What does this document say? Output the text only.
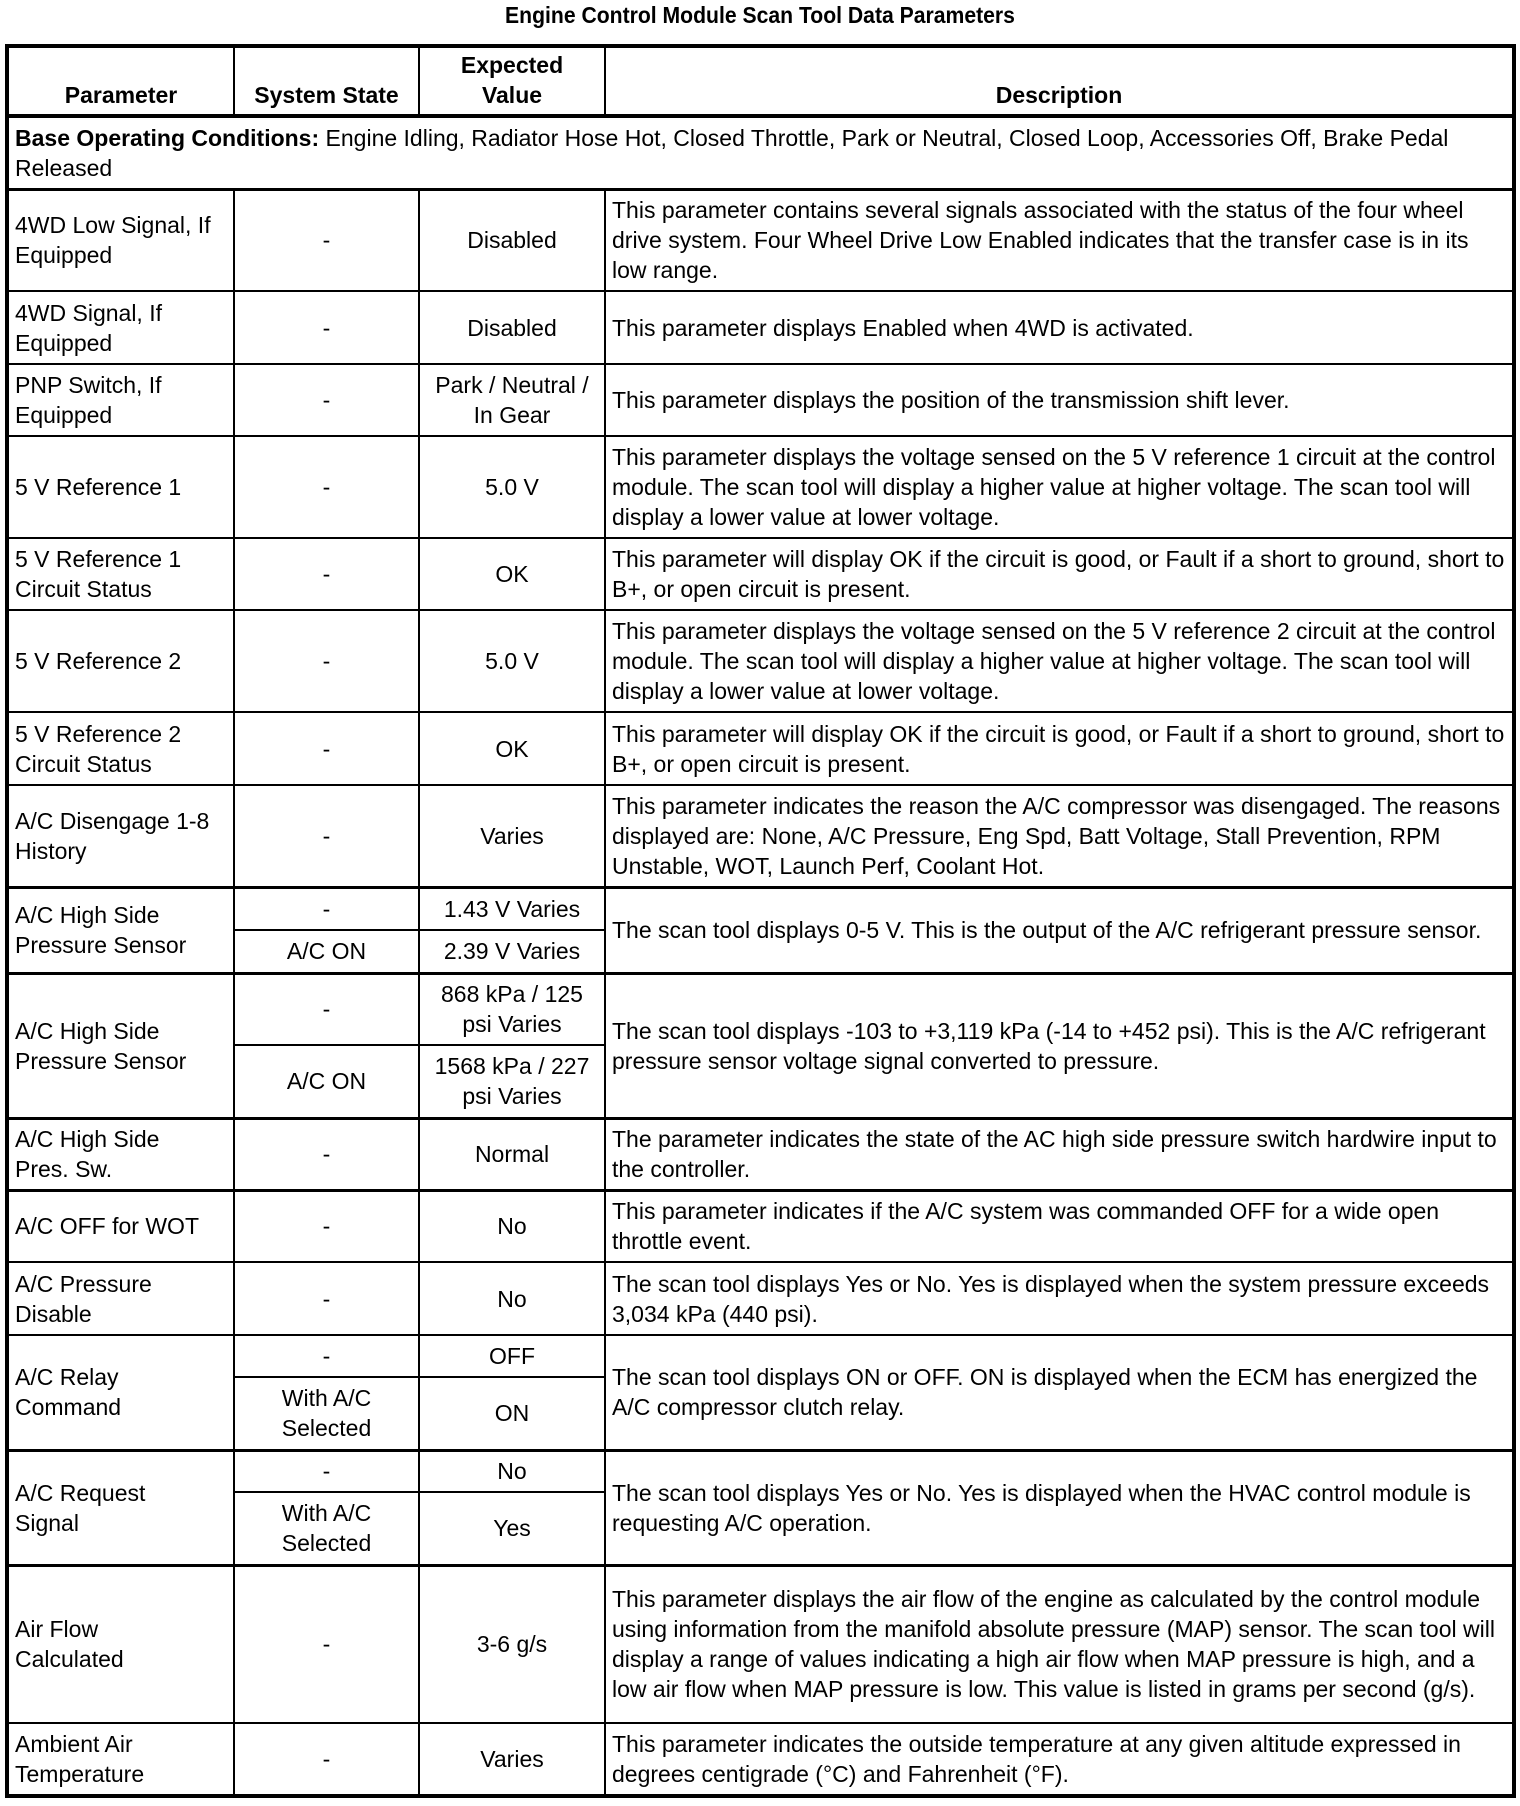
Engine Control Module Scan Tool Data Parameters
Parameter	System State	Expected Value	Description
Base Operating Conditions: Engine Idling, Radiator Hose Hot, Closed Throttle, Park or Neutral, Closed Loop, Accessories Off, Brake Pedal Released			
4WD Low Signal, If Equipped	-	Disabled	This parameter contains several signals associated with the status of the four wheel drive system. Four Wheel Drive Low Enabled indicates that the transfer case is in its low range.

4WD Signal, If Equipped	-	Disabled	This parameter displays Enabled when 4WD is activated.

PNP Switch, If Equipped	-	Park / Neutral / In Gear	This parameter displays the position of the transmission shift lever.
5 V Reference 1	-	5.0 V	This parameter displays the voltage sensed on the 5 V reference 1 circuit at the control module. The scan tool will display a higher value at higher voltage. The scan tool will display a lower value at lower voltage.

5 V Reference 1 Circuit Status	-	OK	This parameter will display OK if the circuit is good, or Fault if a short to ground, short to B+, or open circuit is present.
5 V Reference 2	-	5.0 V	This parameter displays the voltage sensed on the 5 V reference 2 circuit at the control module. The scan tool will display a higher value at higher voltage. The scan tool will display a lower value at lower voltage.

5 V Reference 2 Circuit Status	-	OK	This parameter will display OK if the circuit is good, or Fault if a short to ground, short to B+, or open circuit is present.
A/C Disengage 1-8 History	-	Varies	This parameter indicates the reason the A/C compressor was disengaged. The reasons displayed are: None, A/C Pressure, Eng Spd, Batt Voltage, Stall Prevention, RPM Unstable, WOT, Launch Perf, Coolant Hot.

A/C High Side Pressure Sensor	-	1.43 V Varies	The scan tool displays 0-5 V. This is the output of the A/C refrigerant pressure sensor.
	A/C ON	2.39 V Varies	

A/C High Side Pressure Sensor	-	868 kPa / 125 psi Varies	The scan tool displays -103 to +3,119 kPa (-14 to +452 psi). This is the A/C refrigerant pressure sensor voltage signal converted to pressure.
	A/C ON	1568 kPa / 227 psi Varies	

A/C High Side Pres. Sw.	-	Normal	The parameter indicates the state of the AC high side pressure switch hardwire input to the controller.
A/C OFF for WOT	-	No	This parameter indicates if the A/C system was commanded OFF for a wide open throttle event.

A/C Pressure Disable	-	No	The scan tool displays Yes or No. Yes is displayed when the system pressure exceeds 3,034 kPa (440 psi).

A/C Relay Command	-	OFF	The scan tool displays ON or OFF. ON is displayed when the ECM has energized the A/C compressor clutch relay.

	With A/C Selected	ON	

A/C Request Signal	-	No	The scan tool displays Yes or No. Yes is displayed when the HVAC control module is requesting A/C operation.

	With A/C Selected	Yes	

Air Flow Calculated	-	3-6 g/s	This parameter displays the air flow of the engine as calculated by the control module using information from the manifold absolute pressure (MAP) sensor. The scan tool will display a range of values indicating a high air flow when MAP pressure is high, and a low air flow when MAP pressure is low. This value is listed in grams per second (g/s).

Ambient Air Temperature	-	Varies	This parameter indicates the outside temperature at any given altitude expressed in degrees centigrade (°C) and Fahrenheit (°F).
